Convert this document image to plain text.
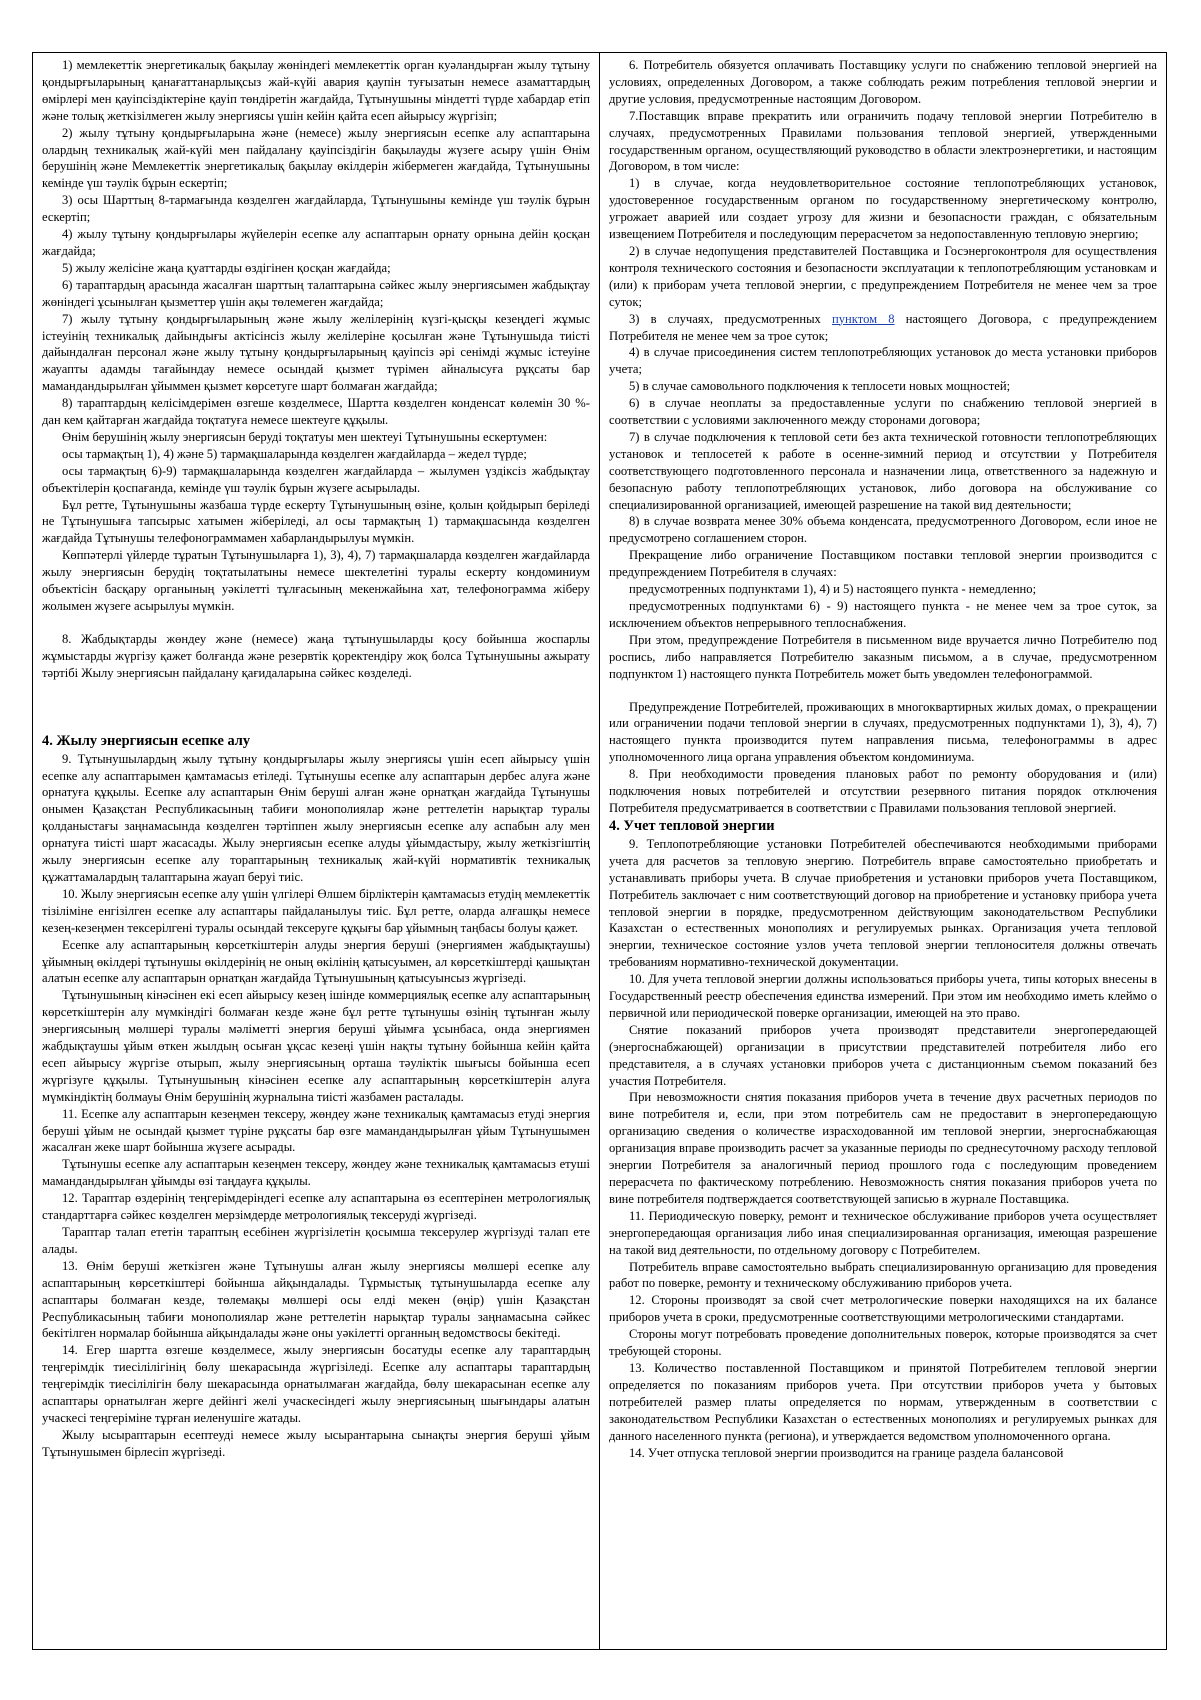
1) мемлекеттік энергетикалық бақылау жөніндегі мемлекеттік орган куәландырған жылу тұтыну қондырғыларының қанағаттанарлықсыз жай-күйі авария қаупін туғызатын немесе азаматтардың өмірлері мен қауіпсіздіктеріне қауіп төндіретін жағдайда, Тұтынушыны міндетті түрде хабардар етіп және толық жеткізілмеген жылу энергиясы үшін кейін қайта есеп айырысу жүргізіп;

2) жылу тұтыну қондырғыларына және (немесе) жылу энергиясын есепке алу аспаптарына олардың техникалық жай-күйі мен пайдалану қауіпсіздігін бақылауды жүзеге асыру үшін Өнім берушінің және Мемлекеттік энергетикалық бақылау өкілдерін жібермеген жағдайда, Тұтынушыны кемінде үш тәулік бұрын ескертіп;

3) осы Шарттың 8-тармағында көзделген жағдайларда, Тұтынушыны кемінде үш тәулік бұрын ескертіп;

4) жылу тұтыну қондырғылары жүйелерін есепке алу аспаптарын орнату орнына дейін қосқан жағдайда;

5) жылу желісіне жаңа қуаттарды өздігінен қосқан жағдайда;

6) тараптардың арасында жасалған шарттың талаптарына сәйкес жылу энергиясымен жабдықтау жөніндегі ұсынылған қызметтер үшін ақы төлемеген жағдайда;

7) жылу тұтыну қондырғыларының және жылу желілерінің күзгі-қысқы кезеңдегі жұмыс істеуінің техникалық дайындығы актісінсіз жылу желілеріне қосылған және Тұтынушыда тиісті дайындалған персонал және жылу тұтыну қондырғыларының қауіпсіз әрі сенімді жұмыс істеуіне жауапты адамды тағайындау немесе осындай қызмет түрімен айналысуға рұқсаты бар мамандандырылған ұйыммен қызмет көрсетуге шарт болмаған жағдайда;

8) тараптардың келісімдерімен өзгеше көзделмесе, Шартта көзделген конденсат көлемін 30 %-дан кем қайтарған жағдайда тоқтатуға немесе шектеуге құқылы.

Өнім берушінің жылу энергиясын беруді тоқтатуы мен шектеуі Тұтынушыны ескертумен:

осы тармақтың 1), 4) және 5) тармақшаларында көзделген жағдайларда – жедел түрде;

осы тармақтың 6)-9) тармақшаларында көзделген жағдайларда – жылумен үздіксіз жабдықтау объектілерін қоспағанда, кемінде үш тәулік бұрын жүзеге асырылады.

Бұл ретте, Тұтынушыны жазбаша түрде ескерту Тұтынушының өзіне, қолын қойдырып беріледі не Тұтынушыға тапсырыс хатымен жіберіледі, ал осы тармақтың 1) тармақшасында көзделген жағдайда Тұтынушы телефонограммамен хабарландырылуы мүмкін.

Көппәтерлі үйлерде тұратын Тұтынушыларға 1), 3), 4), 7) тармақшаларда көзделген жағдайларда жылу энергиясын берудің тоқтатылатыны немесе шектелетіні туралы ескерту кондоминиум объектісін басқару органының уәкілетті тұлғасының мекенжайына хат, телефонограмма жіберу жолымен жүзеге асырылуы мүмкін.

8. Жабдықтарды жөндеу және (немесе) жаңа тұтынушыларды қосу бойынша жоспарлы жұмыстарды жүргізу қажет болғанда және резервтік қоректендіру жоқ болса Тұтынушыны ажырату тәртібі Жылу энергиясын пайдалану қағидаларына сәйкес көзделеді.

4. Жылу энергиясын есепке алу

9. Тұтынушылардың жылу тұтыну қондырғылары жылу энергиясы үшін есеп айырысу үшін есепке алу аспаптарымен қамтамасыз етіледі. Тұтынушы есепке алу аспаптарын дербес алуға және орнатуға құқылы. Есепке алу аспаптарын Өнім беруші алған және орнатқан жағдайда Тұтынушы онымен Қазақстан Республикасының табиғи монополиялар және реттелетін нарықтар туралы қолданыстағы заңнамасында көзделген тәртіппен жылу энергиясын есепке алу аспабын алу мен орнатуға тиісті шарт жасасады. Жылу энергиясын есепке алуды ұйымдастыру, жылу жеткізгіштің жылу энергиясын есепке алу тораптарының техникалық жай-күйі нормативтік техникалық құжаттамалардың талаптарына жауап беруі тиіс.

10. Жылу энергиясын есепке алу үшін үлгілері Өлшем бірліктерін қамтамасыз етудің мемлекеттік тізіліміне енгізілген есепке алу аспаптары пайдаланылуы тиіс. Бұл ретте, оларда алғашқы немесе кезең-кезеңмен тексерілгені туралы осындай тексеруге құқығы бар ұйымның таңбасы болуы қажет.

Есепке алу аспаптарының көрсеткіштерін алуды энергия беруші (энергиямен жабдықтаушы) ұйымның өкілдері тұтынушы өкілдерінің не оның өкілінің қатысуымен, ал көрсеткіштерді қашықтан алатын есепке алу аспаптарын орнатқан жағдайда Тұтынушының қатысуынсыз жүргізеді.

Тұтынушының кінәсінен екі есеп айырысу кезең ішінде коммерциялық есепке алу аспаптарының көрсеткіштерін алу мүмкіндігі болмаған кезде және бұл ретте тұтынушы өзінің тұтынған жылу энергиясының мөлшері туралы мәліметті энергия беруші ұйымға ұсынбаса, онда энергиямен жабдықтаушы ұйым өткен жылдың осыған ұқсас кезеңі үшін нақты тұтыну бойынша кейін қайта есеп айырысу жүргізе отырып, жылу энергиясының орташа тәуліктік шығысы бойынша есеп жүргізуге құқылы. Тұтынушының кінәсінен есепке алу аспаптарының көрсеткіштерін алуға мүмкіндіктің болмауы Өнім берушінің журналына тиісті жазбамен расталады.

11. Есепке алу аспаптарын кезеңмен тексеру, жөндеу және техникалық қамтамасыз етуді энергия беруші ұйым не осындай қызмет түріне рұқсаты бар өзге мамандандырылған ұйым Тұтынушымен жасалған жеке шарт бойынша жүзеге асырады.

Тұтынушы есепке алу аспаптарын кезеңмен тексеру, жөндеу және техникалық қамтамасыз етуші мамандандырылған ұйымды өзі таңдауға құқылы.

12. Тараптар өздерінің теңгерімдеріндегі есепке алу аспаптарына өз есептерінен метрологиялық стандарттарға сәйкес көзделген мерзімдерде метрологиялық тексеруді жүргізеді.

Тараптар талап ететін тараптың есебінен жүргізілетін қосымша тексерулер жүргізуді талап ете алады.

13. Өнім беруші жеткізген және Тұтынушы алған жылу энергиясы мөлшері есепке алу аспаптарының көрсеткіштері бойынша айқындалады. Тұрмыстық тұтынушыларда есепке алу аспаптары болмаған кезде, төлемақы мөлшері осы елді мекен (өңір) үшін Қазақстан Республикасының табиғи монополиялар және реттелетін нарықтар туралы заңнамасына сәйкес бекітілген нормалар бойынша айқындалады және оны уәкілетті органның ведомствосы бекітеді.

14. Егер шартта өзгеше көзделмесе, жылу энергиясын босатуды есепке алу тараптардың теңгерімдік тиесілілігінің бөлу шекарасында жүргізіледі. Есепке алу аспаптары тараптардың теңгерімдік тиесілілігін бөлу шекарасында орнатылмаған жағдайда, бөлу шекарасынан есепке алу аспаптары орнатылған жерге дейінгі желі учаскесіндегі жылу энергиясының шығындары алатын учаскесі теңгеріміне тұрған иеленушіге жатады.

Жылу ысыраптарын есептеуді немесе жылу ысырантарына сынақты энергия беруші ұйым Тұтынушымен бірлесіп жүргізеді.

6. Потребитель обязуется оплачивать Поставщику услуги по снабжению тепловой энергией на условиях, определенных Договором, а также соблюдать режим потребления тепловой энергии и другие условия, предусмотренные настоящим Договором.

7.Поставщик вправе прекратить или ограничить подачу тепловой энергии Потребителю в случаях, предусмотренных Правилами пользования тепловой энергией, утвержденными государственным органом, осуществляющий руководство в области электроэнергетики, и настоящим Договором, в том числе:

1) в случае, когда неудовлетворительное состояние теплопотребляющих установок, удостоверенное государственным органом по государственному энергетическому контролю, угрожает аварией или создает угрозу для жизни и безопасности граждан, с обязательным извещением Потребителя и последующим перерасчетом за недопоставленную тепловую энергию;

2) в случае недопущения представителей Поставщика и Госэнергоконтроля для осуществления контроля технического состояния и безопасности эксплуатации к теплопотребляющим установкам и (или) к приборам учета тепловой энергии, с предупреждением Потребителя не менее чем за трое суток;

3) в случаях, предусмотренных пунктом 8 настоящего Договора, с предупреждением Потребителя не менее чем за трое суток;

4) в случае присоединения систем теплопотребляющих установок до места установки приборов учета;

5) в случае самовольного подключения к теплосети новых мощностей;

6) в случае неоплаты за предоставленные услуги по снабжению тепловой энергией в соответствии с условиями заключенного между сторонами договора;

7) в случае подключения к тепловой сети без акта технической готовности теплопотребляющих установок и теплосетей к работе в осенне-зимний период и отсутствии у Потребителя соответствующего подготовленного персонала и назначении лица, ответственного за надежную и безопасную работу теплопотребляющих установок, либо договора на обслуживание со специализированной организацией, имеющей разрешение на такой вид деятельности;

8) в случае возврата менее 30% объема конденсата, предусмотренного Договором, если иное не предусмотрено соглашением сторон.

Прекращение либо ограничение Поставщиком поставки тепловой энергии производится с предупреждением Потребителя в случаях:

предусмотренных подпунктами 1), 4) и 5) настоящего пункта - немедленно;

предусмотренных подпунктами 6) - 9) настоящего пункта - не менее чем за трое суток, за исключением объектов непрерывного теплоснабжения.

При этом, предупреждение Потребителя в письменном виде вручается лично Потребителю под роспись, либо направляется Потребителю заказным письмом, а в случае, предусмотренном подпунктом 1) настоящего пункта Потребитель может быть уведомлен телефонограммой.

Предупреждение Потребителей, проживающих в многоквартирных жилых домах, о прекращении или ограничении подачи тепловой энергии в случаях, предусмотренных подпунктами 1), 3), 4), 7) настоящего пункта производится путем направления письма, телефонограммы в адрес уполномоченного лица органа управления объектом кондоминиума.

8. При необходимости проведения плановых работ по ремонту оборудования и (или) подключения новых потребителей и отсутствии резервного питания порядок отключения Потребителя предусматривается в соответствии с Правилами пользования тепловой энергией.

4. Учет тепловой энергии

9. Теплопотребляющие установки Потребителей обеспечиваются необходимыми приборами учета для расчетов за тепловую энергию. Потребитель вправе самостоятельно приобретать и устанавливать приборы учета. В случае приобретения и установки приборов учета Поставщиком, Потребитель заключает с ним соответствующий договор на приобретение и установку прибора учета тепловой энергии в порядке, предусмотренном действующим законодательством Республики Казахстан о естественных монополиях и регулируемых рынках. Организация учета тепловой энергии, техническое состояние узлов учета тепловой энергии теплоносителя должны отвечать требованиям нормативно-технической документации.

10. Для учета тепловой энергии должны использоваться приборы учета, типы которых внесены в Государственный реестр обеспечения единства измерений. При этом им необходимо иметь клеймо о первичной или периодической поверке организации, имеющей на это право.

Снятие показаний приборов учета производят представители энергопередающей (энергоснабжающей) организации в присутствии представителей потребителя либо его представителя, а в случаях установки приборов учета с дистанционным съемом показаний без участия Потребителя.

При невозможности снятия показания приборов учета в течение двух расчетных периодов по вине потребителя и, если, при этом потребитель сам не предоставит в энергопередающую организацию сведения о количестве израсходованной им тепловой энергии, энергоснабжающая организация вправе производить расчет за указанные периоды по среднесуточному расходу тепловой энергии Потребителя за аналогичный период прошлого года с последующим проведением перерасчета по фактическому потреблению. Невозможность снятия показания приборов учета по вине потребителя подтверждается соответствующей записью в журнале Поставщика.

11. Периодическую поверку, ремонт и техническое обслуживание приборов учета осуществляет энергопередающая организация либо иная специализированная организация, имеющая разрешение на такой вид деятельности, по отдельному договору с Потребителем.

Потребитель вправе самостоятельно выбрать специализированную организацию для проведения работ по поверке, ремонту и техническому обслуживанию приборов учета.

12. Стороны производят за свой счет метрологические поверки находящихся на их балансе приборов учета в сроки, предусмотренные соответствующими метрологическими стандартами.

Стороны могут потребовать проведение дополнительных поверок, которые производятся за счет требующей стороны.

13. Количество поставленной Поставщиком и принятой Потребителем тепловой энергии определяется по показаниям приборов учета. При отсутствии приборов учета у бытовых потребителей размер платы определяется по нормам, утвержденным в соответствии с законодательством Республики Казахстан о естественных монополиях и регулируемых рынках для данного населенного пункта (региона), и утверждается ведомством уполномоченного органа.

14. Учет отпуска тепловой энергии производится на границе раздела балансовой
